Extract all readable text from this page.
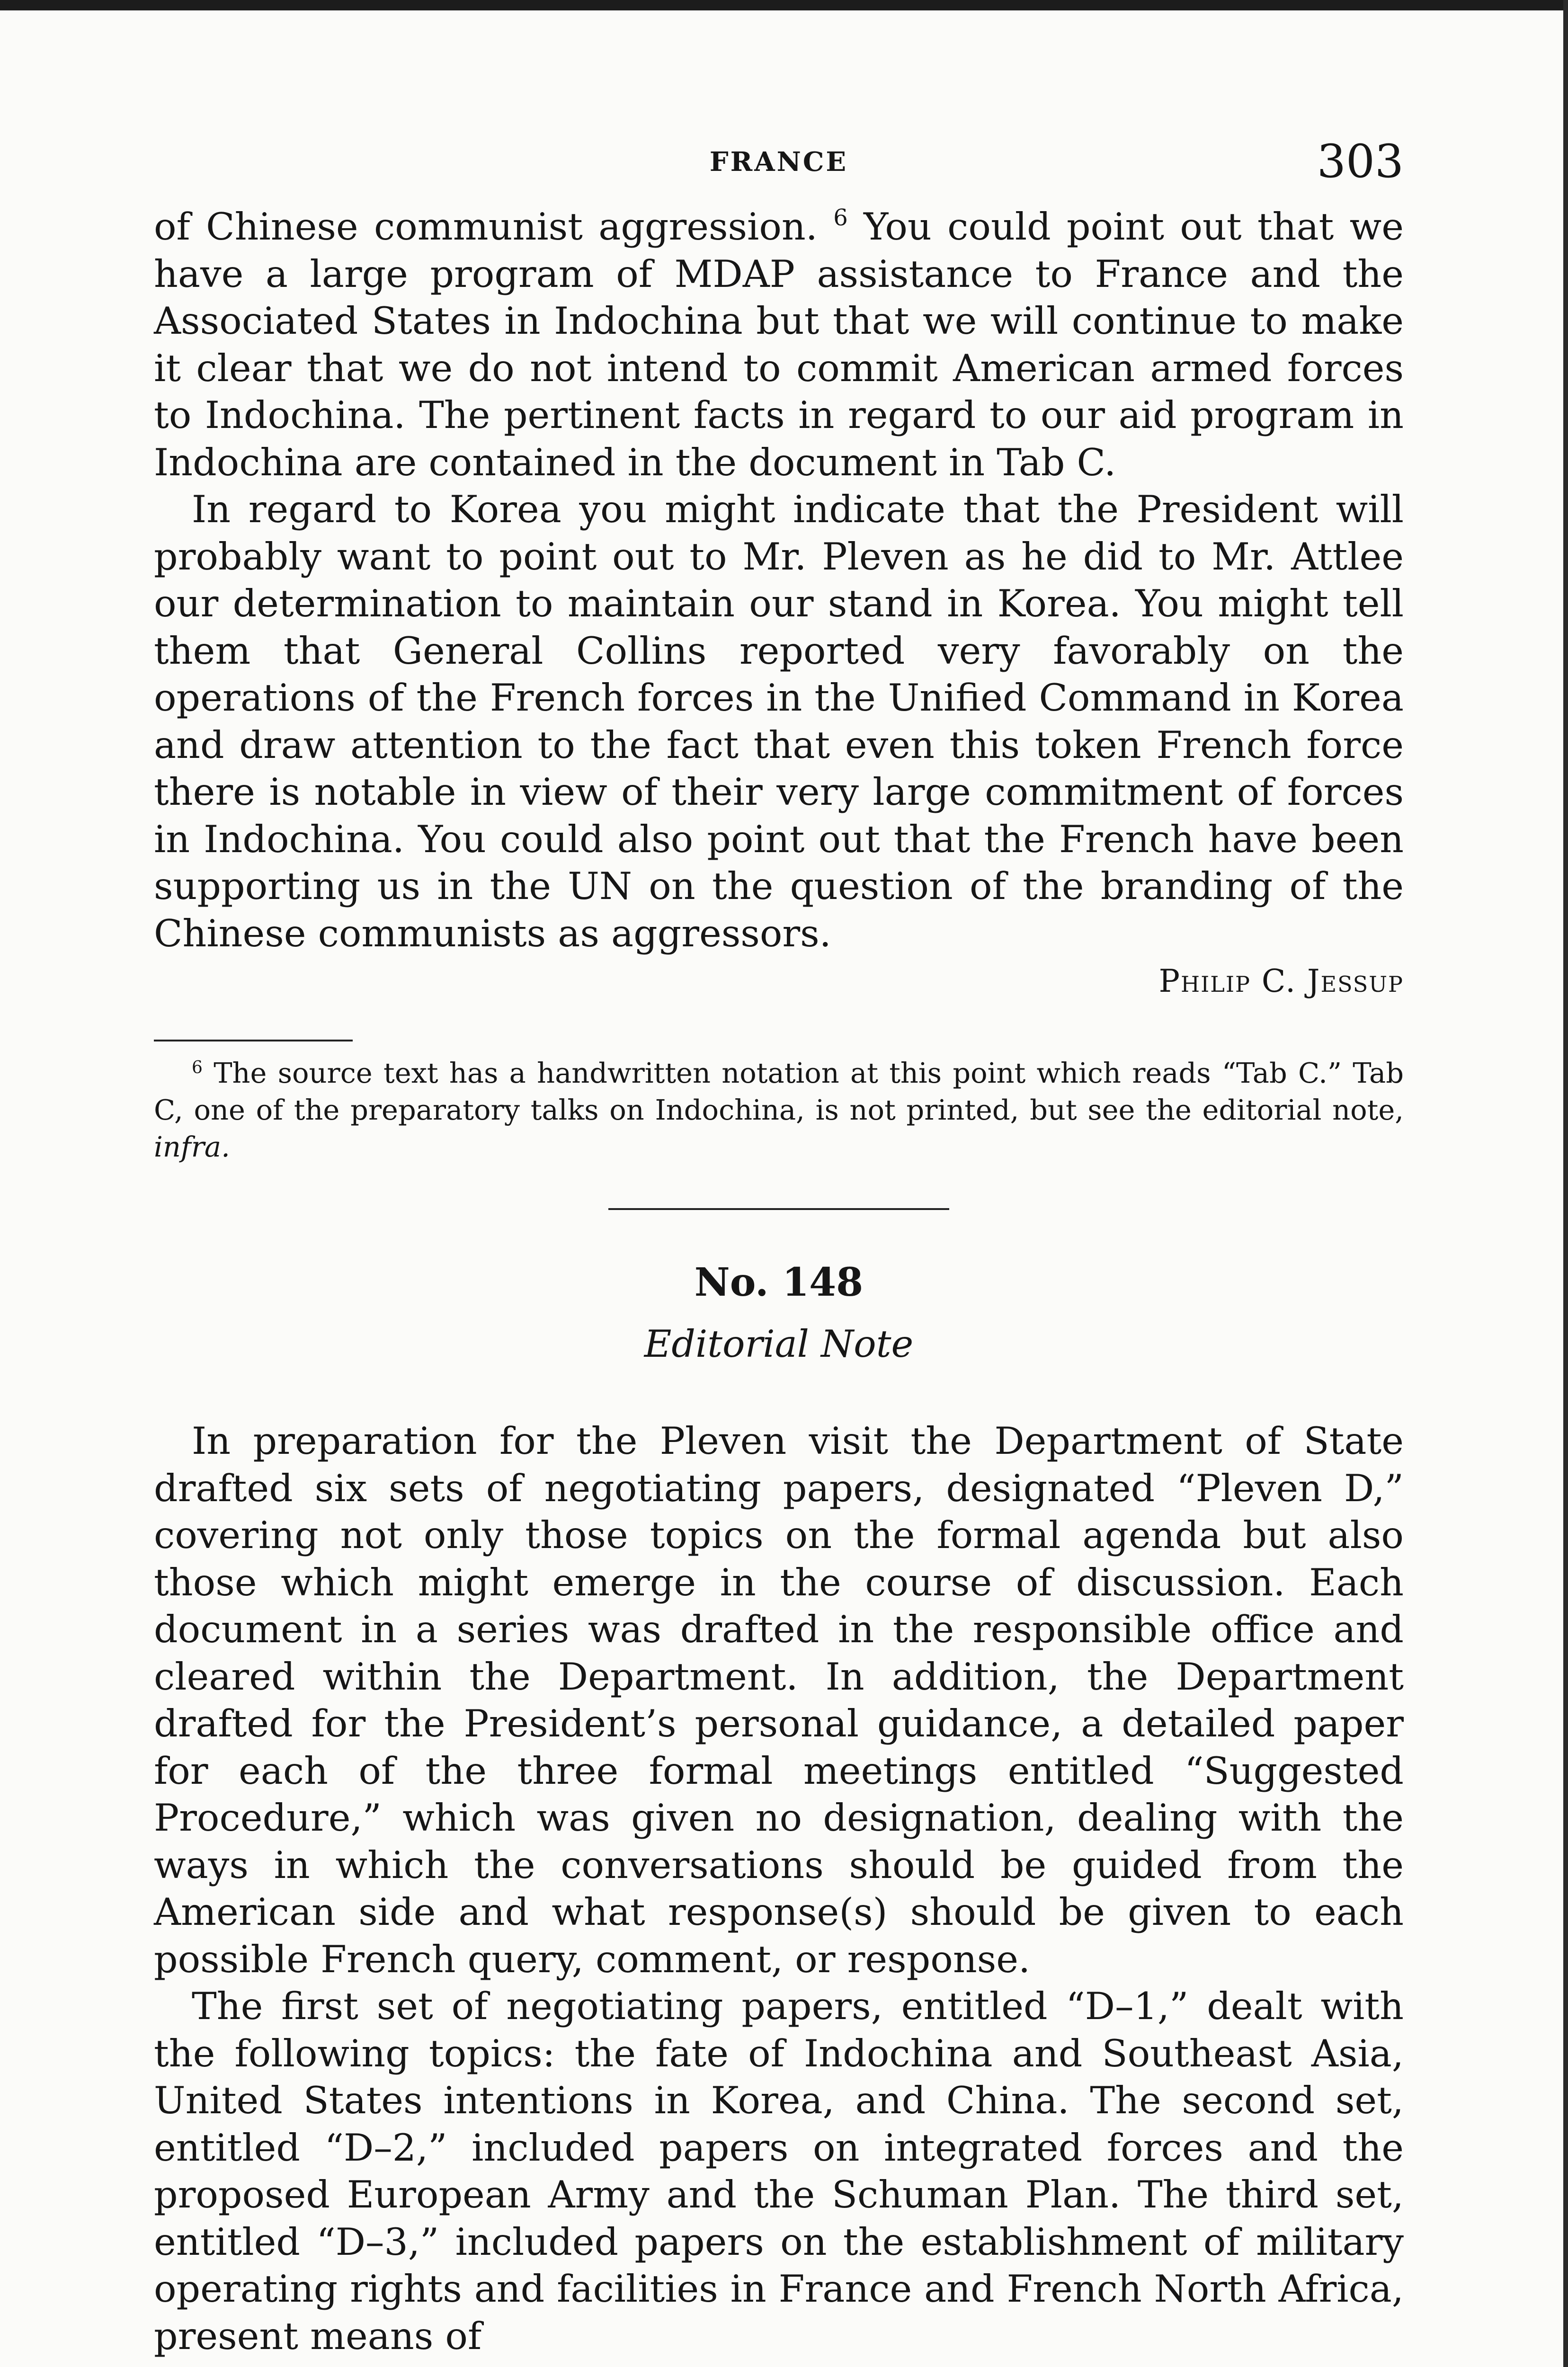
FRANCE	303

of Chinese communist aggression. $^6$ You could point out that we have a large program of MDAP assistance to France and the Associated States in Indochina but that we will continue to make it clear that we do not intend to commit American armed forces to Indochina. The pertinent facts in regard to our aid program in Indochina are contained in the document in Tab C.

In regard to Korea you might indicate that the President will probably want to point out to Mr. Pleven as he did to Mr. Attlee our determination to maintain our stand in Korea. You might tell them that General Collins reported very favorably on the operations of the French forces in the Unified Command in Korea and draw attention to the fact that even this token French force there is notable in view of their very large commitment of forces in Indochina. You could also point out that the French have been supporting us in the UN on the question of the branding of the Chinese communists as aggressors.

Philip C. Jessup

$^6$ The source text has a handwritten notation at this point which reads “Tab C.” Tab C, one of the preparatory talks on Indochina, is not printed, but see the editorial note, infra.

No. 148
Editorial Note

In preparation for the Pleven visit the Department of State drafted six sets of negotiating papers, designated “Pleven D,” covering not only those topics on the formal agenda but also those which might emerge in the course of discussion. Each document in a series was drafted in the responsible office and cleared within the Department. In addition, the Department drafted for the President’s personal guidance, a detailed paper for each of the three formal meetings entitled “Suggested Procedure,” which was given no designation, dealing with the ways in which the conversations should be guided from the American side and what response(s) should be given to each possible French query, comment, or response.

The first set of negotiating papers, entitled “D–1,” dealt with the following topics: the fate of Indochina and Southeast Asia, United States intentions in Korea, and China. The second set, entitled “D–2,” included papers on integrated forces and the proposed European Army and the Schuman Plan. The third set, entitled “D–3,” included papers on the establishment of military operating rights and facilities in France and French North Africa, present means of
